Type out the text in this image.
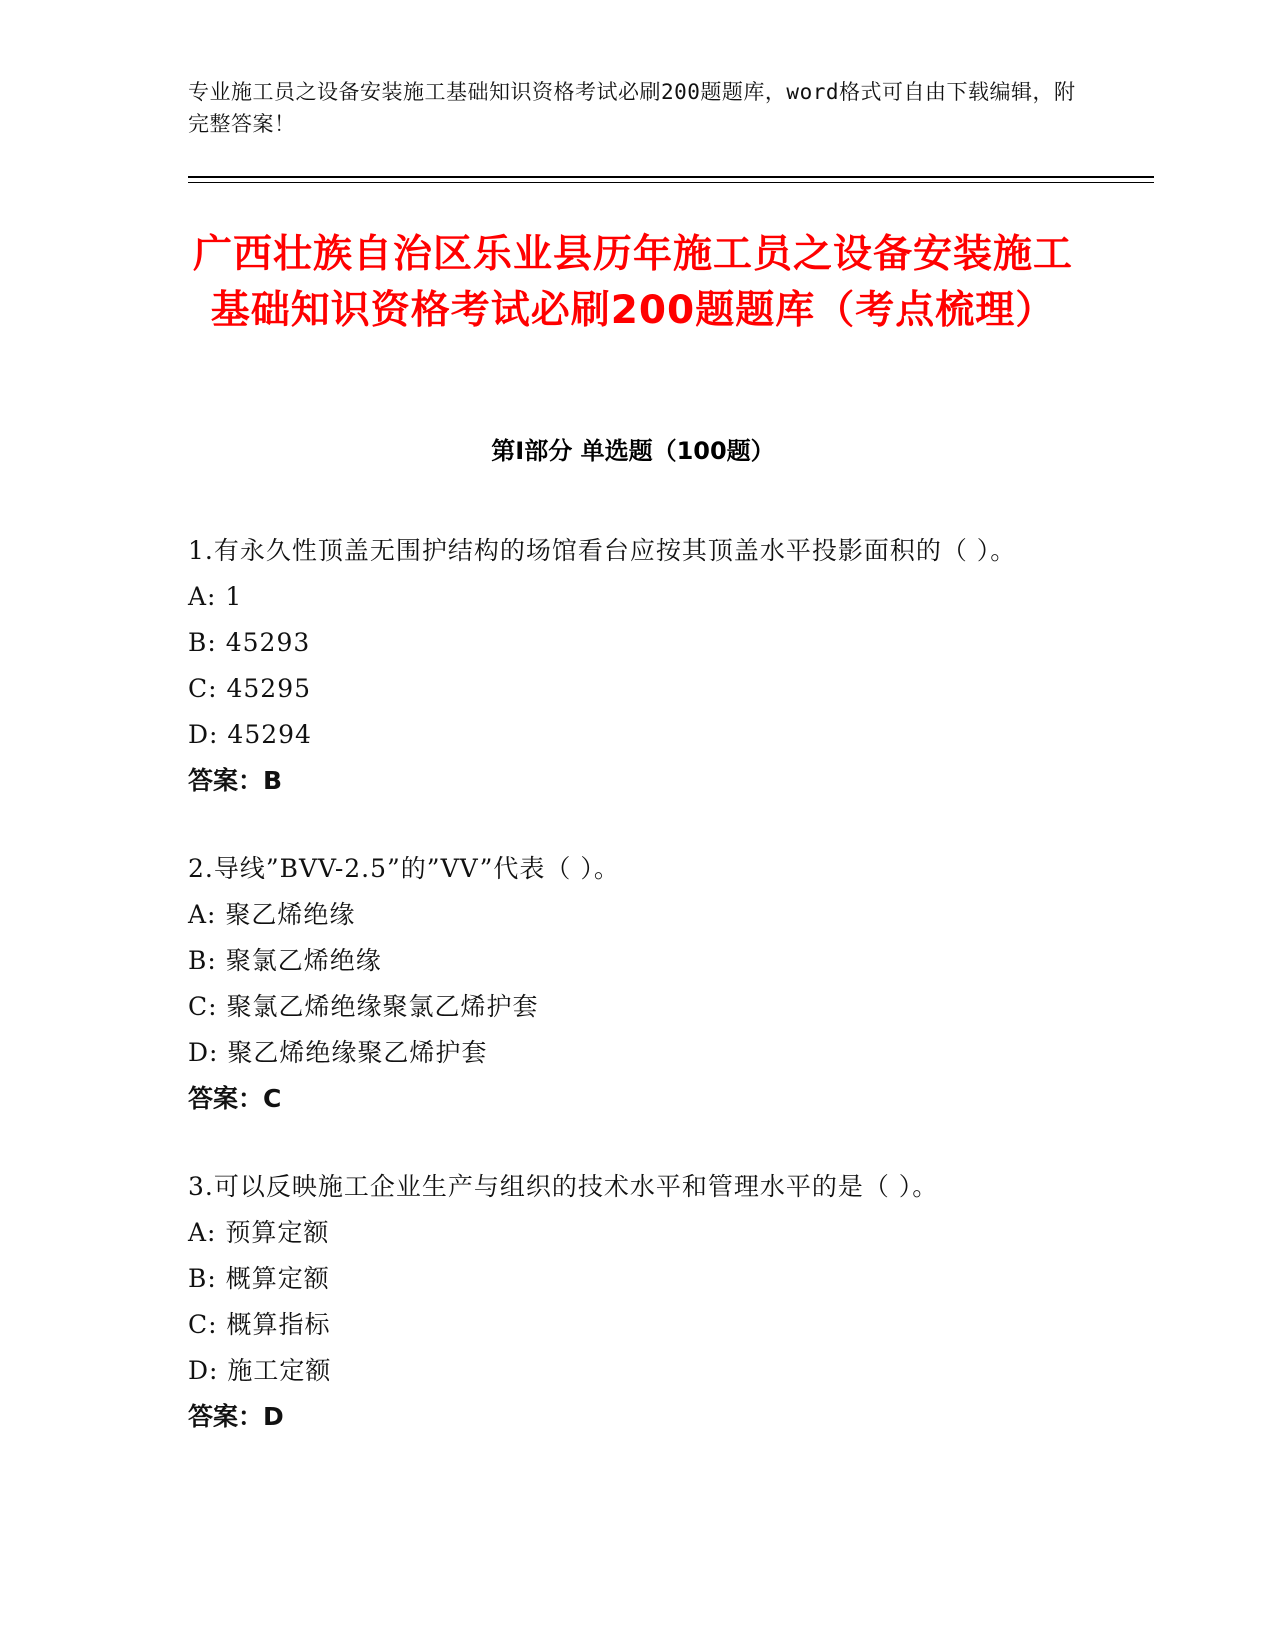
专业施工员之设备安装施工基础知识资格考试必刷200题题库，word格式可自由下载编辑，附完整答案！
广西壮族自治区乐业县历年施工员之设备安装施工基础知识资格考试必刷200题题库（考点梳理）
第Ⅰ部分 单选题（100题）
1.有永久性顶盖无围护结构的场馆看台应按其顶盖水平投影面积的（ ）。
A: 1
B: 45293
C: 45295
D: 45294
答案：B
2.导线”BVV-2.5”的”VV”代表（ ）。
A: 聚乙烯绝缘
B: 聚氯乙烯绝缘
C: 聚氯乙烯绝缘聚氯乙烯护套
D: 聚乙烯绝缘聚乙烯护套
答案：C
3.可以反映施工企业生产与组织的技术水平和管理水平的是（ ）。
A: 预算定额
B: 概算定额
C: 概算指标
D: 施工定额
答案：D
